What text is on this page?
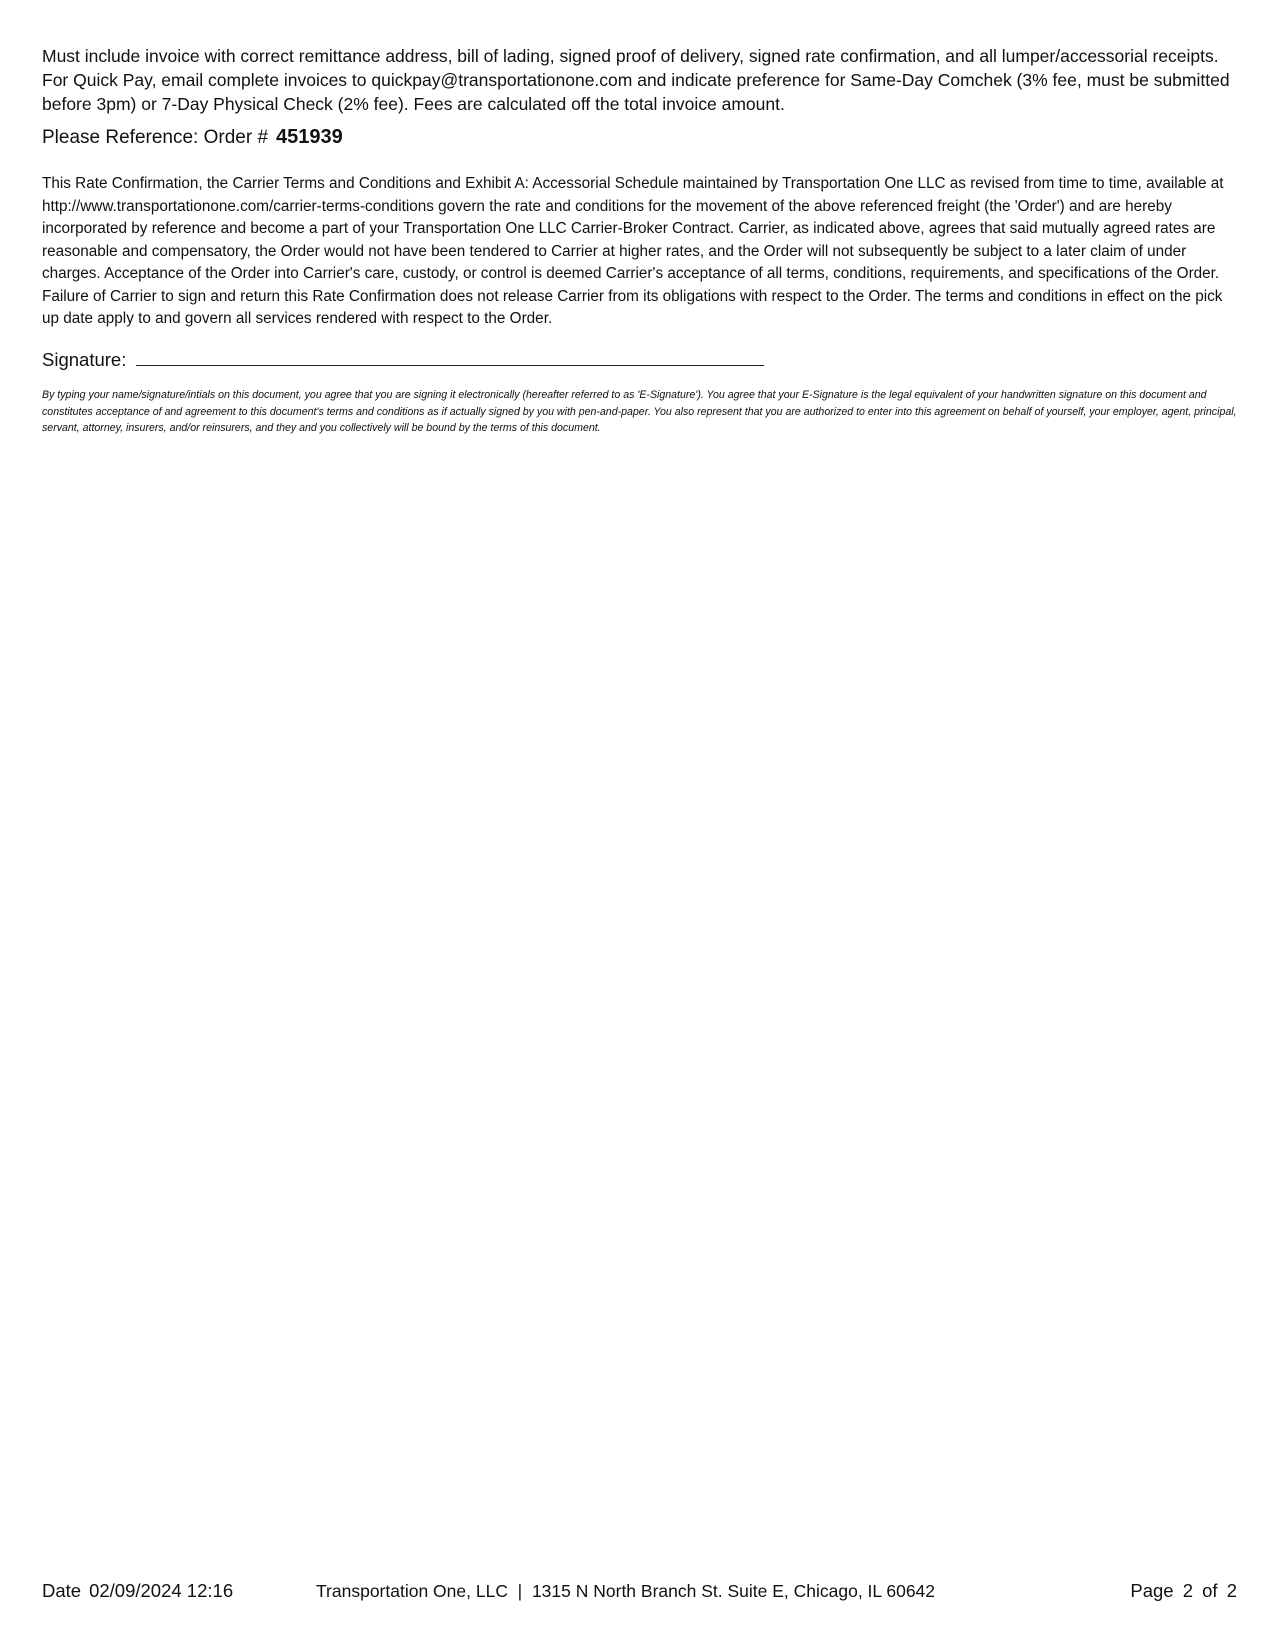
Must include invoice with correct remittance address, bill of lading, signed proof of delivery, signed rate confirmation, and all lumper/accessorial receipts. For Quick Pay, email complete invoices to quickpay@transportationone.com and indicate preference for Same-Day Comchek (3% fee, must be submitted before 3pm) or 7-Day Physical Check (2% fee). Fees are calculated off the total invoice amount.

Please Reference: Order # 451939

This Rate Confirmation, the Carrier Terms and Conditions and Exhibit A: Accessorial Schedule maintained by Transportation One LLC as revised from time to time, available at http://www.transportationone.com/carrier-terms-conditions govern the rate and conditions for the movement of the above referenced freight (the 'Order') and are hereby incorporated by reference and become a part of your Transportation One LLC Carrier-Broker Contract. Carrier, as indicated above, agrees that said mutually agreed rates are reasonable and compensatory, the Order would not have been tendered to Carrier at higher rates, and the Order will not subsequently be subject to a later claim of under charges. Acceptance of the Order into Carrier's care, custody, or control is deemed Carrier's acceptance of all terms, conditions, requirements, and specifications of the Order. Failure of Carrier to sign and return this Rate Confirmation does not release Carrier from its obligations with respect to the Order. The terms and conditions in effect on the pick up date apply to and govern all services rendered with respect to the Order.

Signature:

By typing your name/signature/intials on this document, you agree that you are signing it electronically (hereafter referred to as 'E-Signature'). You agree that your E-Signature is the legal equivalent of your handwritten signature on this document and constitutes acceptance of and agreement to this document's terms and conditions as if actually signed by you with pen-and-paper. You also represent that you are authorized to enter into this agreement on behalf of yourself, your employer, agent, principal, servant, attorney, insurers, and/or reinsurers, and they and you collectively will be bound by the terms of this document.

Date 02/09/2024 12:16	Transportation One, LLC  |  1315 N North Branch St. Suite E, Chicago, IL 60642	Page 2 of 2
